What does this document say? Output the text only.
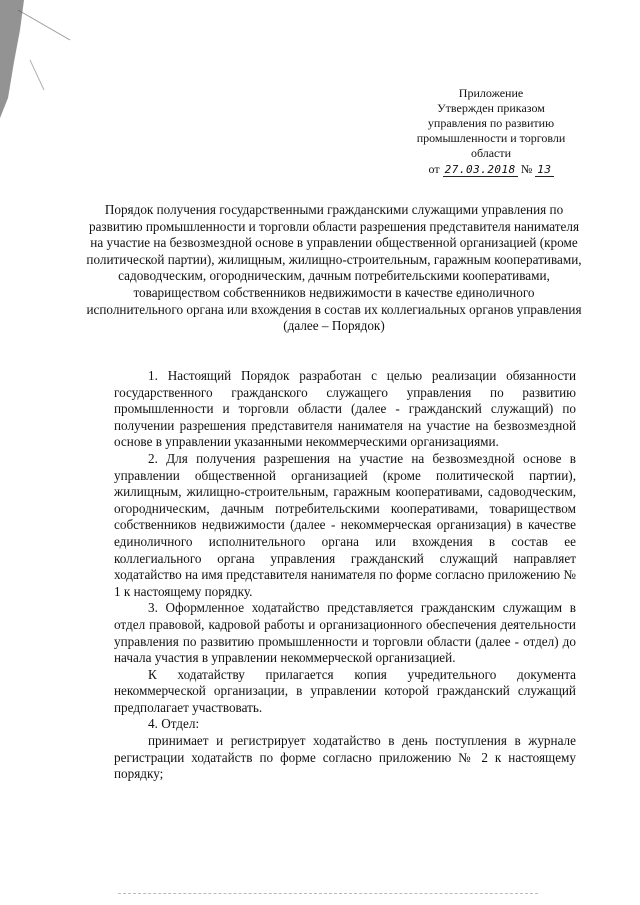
Приложение
Утвержден приказом
управления по развитию
промышленности и торговли
области
от 27.03.2018 № 13
Порядок получения государственными гражданскими служащими управления по развитию промышленности и торговли области разрешения представителя нанимателя на участие на безвозмездной основе в управлении общественной организацией (кроме политической партии), жилищным, жилищно-строительным, гаражным кооперативами, садоводческим, огородническим, дачным потребительскими кооперативами, товариществом собственников недвижимости в качестве единоличного исполнительного органа или вхождения в состав их коллегиальных органов управления (далее – Порядок)

1. Настоящий Порядок разработан с целью реализации обязанности государственного гражданского служащего управления по развитию промышленности и торговли области (далее - гражданский служащий) по получении разрешения представителя нанимателя на участие на безвозмездной основе в управлении указанными некоммерческими организациями.

2. Для получения разрешения на участие на безвозмездной основе в управлении общественной организацией (кроме политической партии), жилищным, жилищно-строительным, гаражным кооперативами, садоводческим, огородническим, дачным потребительскими кооперативами, товариществом собственников недвижимости (далее - некоммерческая организация) в качестве единоличного исполнительного органа или вхождения в состав ее коллегиального органа управления гражданский служащий направляет ходатайство на имя представителя нанимателя по форме согласно приложению № 1 к настоящему порядку.

3. Оформленное ходатайство представляется гражданским служащим в отдел правовой, кадровой работы и организационного обеспечения деятельности управления по развитию промышленности и торговли области (далее - отдел) до начала участия в управлении некоммерческой организацией.

К ходатайству прилагается копия учредительного документа некоммерческой организации, в управлении которой гражданский служащий предполагает участвовать.

4. Отдел:

принимает и регистрирует ходатайство в день поступления в журнале регистрации ходатайств по форме согласно приложению № 2 к настоящему порядку;
